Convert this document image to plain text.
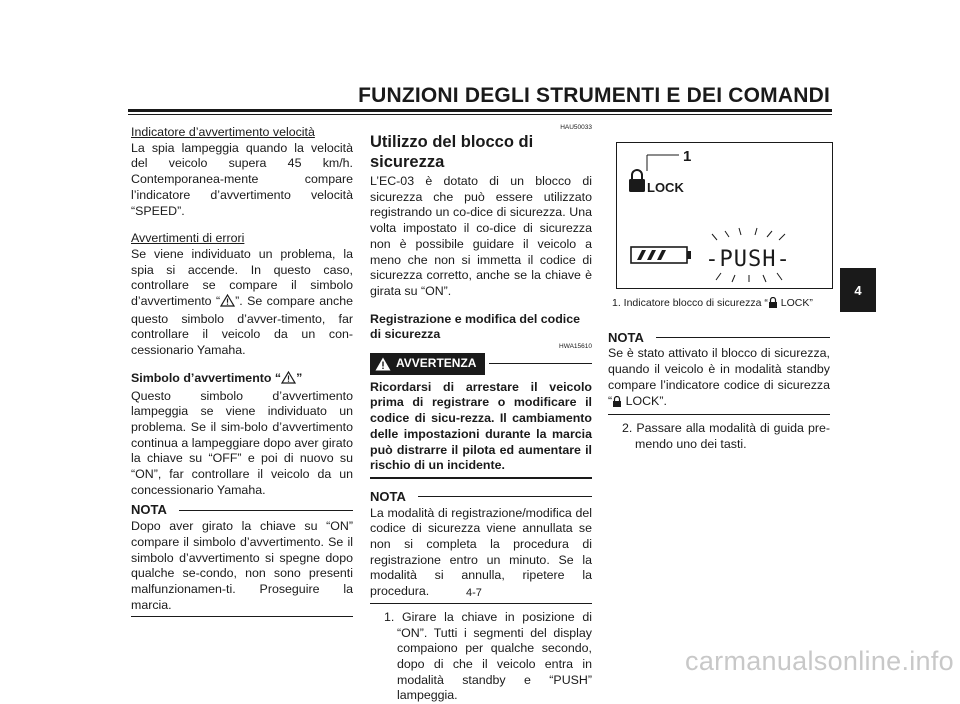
FUNZIONI DEGLI STRUMENTI E DEI COMANDI
4
Indicatore d’avvertimento velocità

La spia lampeggia quando la velocità del veicolo supera 45 km/h. Contemporanea-mente compare l’indicatore d’avvertimento velocità “SPEED”.

Avvertimenti di errori

Se viene individuato un problema, la spia si accende. In questo caso, controllare se compare il simbolo d’avvertimento “ ”. Se compare anche questo simbolo d’avver-timento, far controllare il veicolo da un con-cessionario Yamaha.

Simbolo d’avvertimento “ ”

Questo simbolo d’avvertimento lampeggia se viene individuato un problema. Se il sim-bolo d’avvertimento continua a lampeggiare dopo aver girato la chiave su “OFF” e poi di nuovo su “ON”, far controllare il veicolo da un concessionario Yamaha.

NOTA

Dopo aver girato la chiave su “ON” compare il simbolo d’avvertimento. Se il simbolo d’avvertimento si spegne dopo qualche se-condo, non sono presenti malfunzionamen-ti. Proseguire la marcia.

HAU50033
Utilizzo del blocco di sicurezza

L’EC-03 è dotato di un blocco di sicurezza che può essere utilizzato registrando un co-dice di sicurezza. Una volta impostato il co-dice di sicurezza non è possibile guidare il veicolo a meno che non si immetta il codice di sicurezza corretto, anche se la chiave è girata su “ON”.

Registrazione e modifica del codice di sicurezza
HWA15610
AVVERTENZA

Ricordarsi di arrestare il veicolo prima di registrare o modificare il codice di sicu-rezza. Il cambiamento delle impostazioni durante la marcia può distrarre il pilota ed aumentare il rischio di un incidente.

NOTA

La modalità di registrazione/modifica del codice di sicurezza viene annullata se non si completa la procedura di registrazione entro un minuto. Se la modalità si annulla, ripetere la procedura.

1. Girare la chiave in posizione di “ON”. Tutti i segmenti del display compaiono per qualche secondo, dopo di che il veicolo entra in modalità standby e “PUSH” lampeggia.

1
LOCK
-PUSH-
1. Indicatore blocco di sicurezza “ LOCK”
NOTA

Se è stato attivato il blocco di sicurezza, quando il veicolo è in modalità standby compare l’indicatore codice di sicurezza “ LOCK”.

2. Passare alla modalità di guida pre-mendo uno dei tasti.

4-7
carmanualsonline.info
